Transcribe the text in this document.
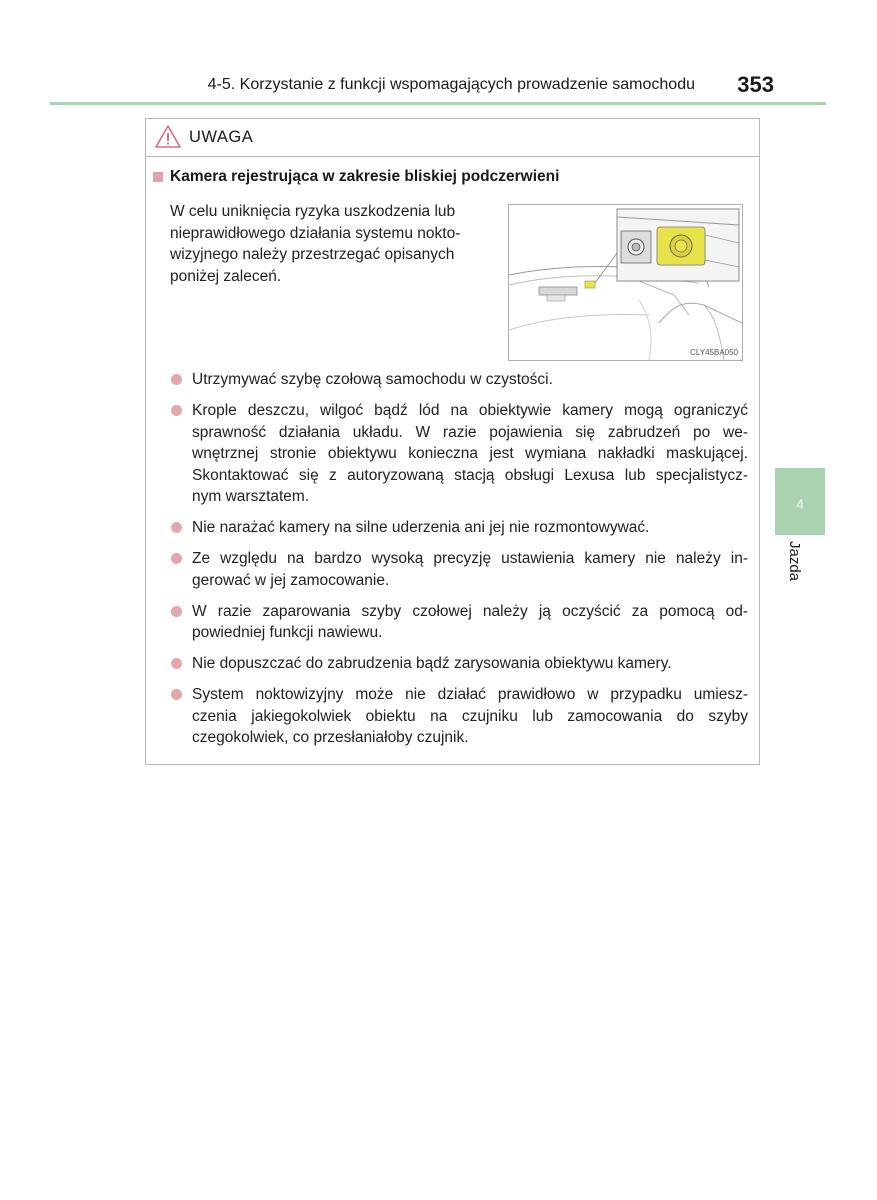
4-5. Korzystanie z funkcji wspomagających prowadzenie samochodu	353
UWAGA
Kamera rejestrująca w zakresie bliskiej podczerwieni
W celu uniknięcia ryzyka uszkodzenia lub
nieprawidłowego działania systemu nokto-
wizyjnego należy przestrzegać opisanych
poniżej zaleceń.
CLY45BA050
Utrzymywać szybę czołową samochodu w czystości.
Krople deszczu, wilgoć bądź lód na obiektywie kamery mogą ograniczyć
sprawność działania układu. W razie pojawienia się zabrudzeń po we-
wnętrznej stronie obiektywu konieczna jest wymiana nakładki maskującej.
Skontaktować się z autoryzowaną stacją obsługi Lexusa lub specjalistycz-
nym warsztatem.
Nie narażać kamery na silne uderzenia ani jej nie rozmontowywać.
Ze względu na bardzo wysoką precyzję ustawienia kamery nie należy in-
gerować w jej zamocowanie.
W razie zaparowania szyby czołowej należy ją oczyścić za pomocą od-
powiedniej funkcji nawiewu.
Nie dopuszczać do zabrudzenia bądź zarysowania obiektywu kamery.
System noktowizyjny może nie działać prawidłowo w przypadku umiesz-
czenia jakiegokolwiek obiektu na czujniku lub zamocowania do szyby
czegokolwiek, co przesłaniałoby czujnik.
4
Jazda
